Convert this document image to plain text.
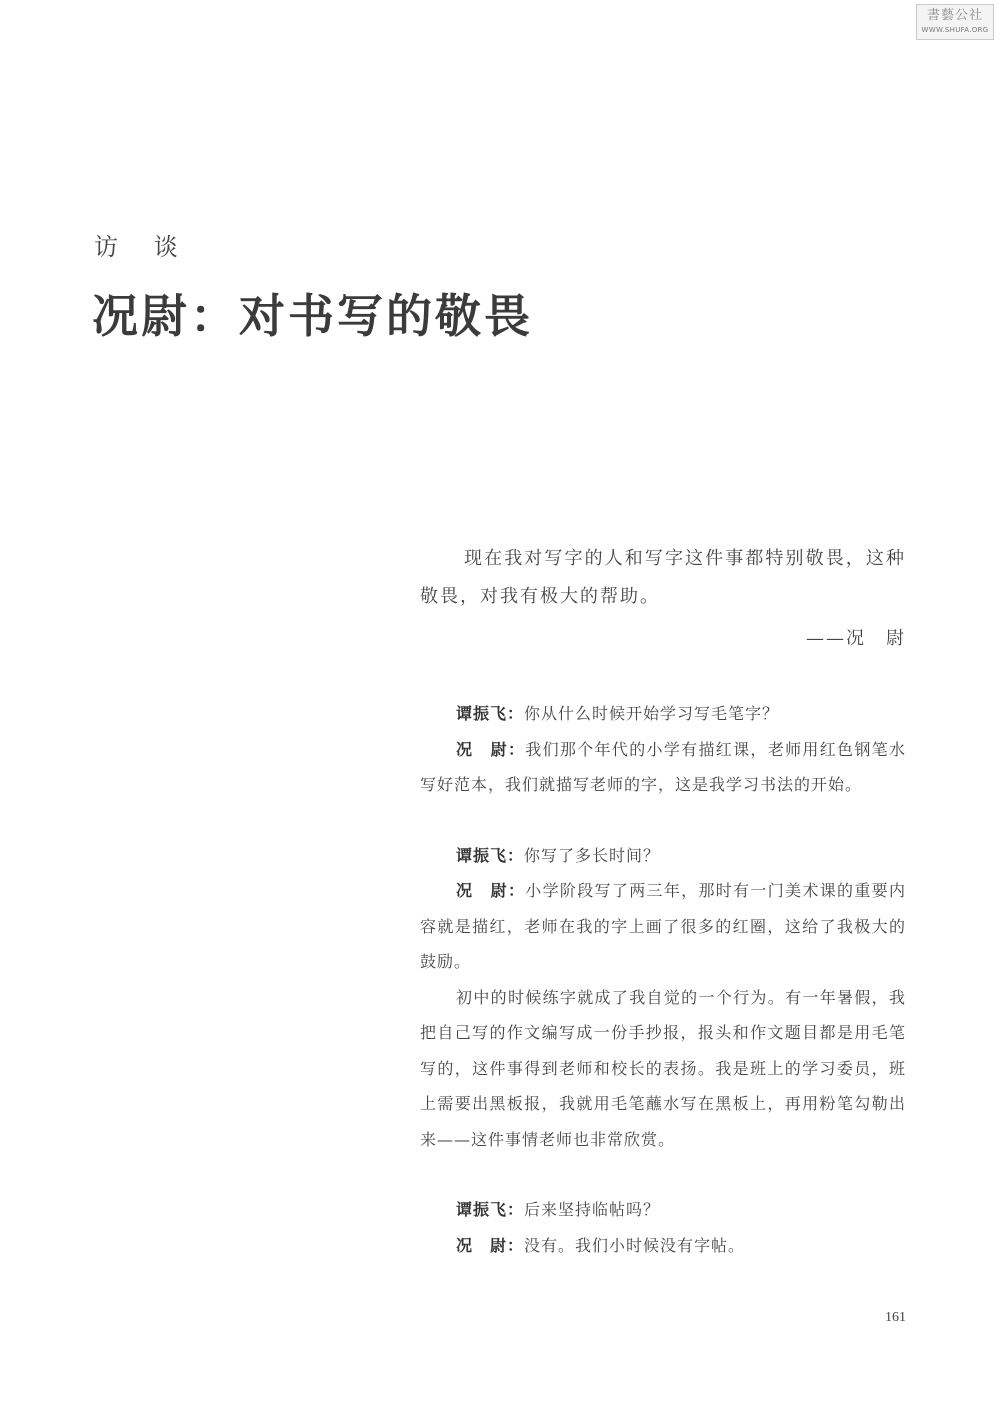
書藝公社
WWW.SHUFA.ORG
访 谈
况尉：对书写的敬畏

现在我对写字的人和写字这件事都特别敬畏，这种敬畏，对我有极大的帮助。

——况　尉

谭振飞：你从什么时候开始学习写毛笔字？

况　尉：我们那个年代的小学有描红课，老师用红色钢笔水写好范本，我们就描写老师的字，这是我学习书法的开始。

谭振飞：你写了多长时间？

况　尉：小学阶段写了两三年，那时有一门美术课的重要内容就是描红，老师在我的字上画了很多的红圈，这给了我极大的鼓励。

初中的时候练字就成了我自觉的一个行为。有一年暑假，我把自己写的作文编写成一份手抄报，报头和作文题目都是用毛笔写的，这件事得到老师和校长的表扬。我是班上的学习委员，班上需要出黑板报，我就用毛笔蘸水写在黑板上，再用粉笔勾勒出来——这件事情老师也非常欣赏。

谭振飞：后来坚持临帖吗？

况　尉：没有。我们小时候没有字帖。

161
